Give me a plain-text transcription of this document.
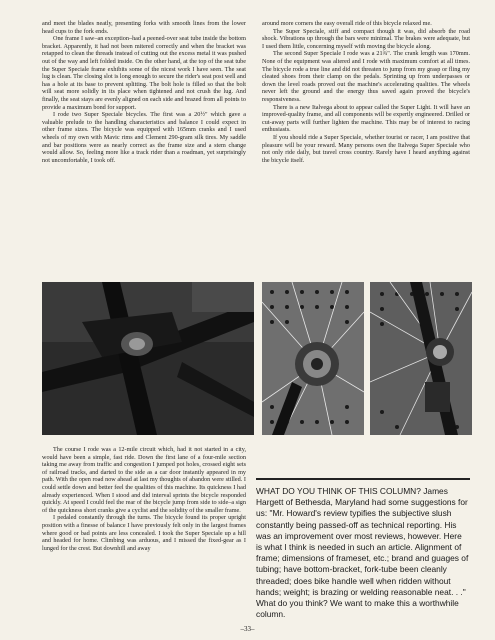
and meet the blades neatly, presenting forks with smooth lines from the lower head cups to the fork ends.

One frame I saw–an exception–had a peened-over seat tube inside the bottom bracket. Apparently, it had not been mitered correctly and when the bracket was retapped to clean the threads instead of cutting out the excess metal it was pushed out of the way and left folded inside. On the other hand, at the top of the seat tube the Super Speciale frame exhibits some of the nicest work I have seen. The seat lug is clean. The closing slot is long enough to secure the rider's seat post well and has a hole at its base to prevent splitting. The bolt hole is filled so that the bolt will seat more solidly in its place when tightened and not crush the lug. And finally, the seat stays are evenly aligned on each side and brazed from all points to provide a maximum bond for support.

I rode two Super Speciale bicycles. The first was a 20½" which gave a valuable prelude to the handling characteristics and balance I could expect in other frame sizes. The bicycle was equipped with 165mm cranks and I used wheels of my own with Mavic rims and Clement 290-gram silk tires. My saddle and bar positions were as nearly correct as the frame size and a stem change would allow. So, feeling more like a track rider than a roadman, yet surprisingly not uncomfortable, I took off.

around more corners the easy overall ride of this bicycle relaxed me.

The Super Speciale, stiff and compact though it was, did absorb the road shock. Vibrations up through the bars were minimal. The brakes were adequate, but I used them little, concerning myself with moving the bicycle along.

The second Super Speciale I rode was a 21¾". The crank length was 170mm. None of the equipment was altered and I rode with maximum comfort at all times. The bicycle rode a true line and did not threaten to jump from my grasp or fling my cleated shoes from their clamp on the pedals. Sprinting up from underpasses or down the level roads proved out the machine's accelerating qualities. The wheels never left the ground and the energy thus saved again proved the bicycle's responsiveness.

There is a new Italvega about to appear called the Super Light. It will have an improved-quality frame, and all components will be expertly engineered. Drilled or cut-away parts will further lighten the machine. This may be of interest to racing enthusiasts.

If you should ride a Super Speciale, whether tourist or racer, I am positive that pleasure will be your reward. Many persons own the Italvega Super Speciale who not only ride daily, but travel cross country. Rarely have I heard anything against the bicycle itself.

The course I rode was a 12-mile circuit which, had it not started in a city, would have been a simple, fast ride. Down the first lane of a four-mile section taking me away from traffic and congestion I jumped pot holes, crossed eight sets of railroad tracks, and darted to the side as a car door instantly appeared in my path. With the open road now ahead at last my thoughts of abandon were stilled. I could settle down and better feel the qualities of this machine. Its quickness I had already experienced. When I stood and did interval sprints the bicycle responded quickly. At speed I could feel the rear of the bicycle jump from side to side–a sign of the quickness short cranks give a cyclist and the solidity of the smaller frame.

I pedaled constantly through the turns. The bicycle found its proper upright position with a finesse of balance I have previously felt only in the largest frames where good or bad points are less concealed. I took the Super Speciale up a hill and headed for home. Climbing was arduous, and I missed the fixed-gear as I lunged for the crest. But downhill and away

WHAT DO YOU THINK OF THIS COLUMN? James Hargett of Bethesda, Maryland had some suggestions for us: "Mr. Howard's review typifies the subjective slush constantly being passed-off as technical reporting. His was an improvement over most reviews, however. Here is what I think is needed in such an article. Alignment of frame; dimensions of frameset, etc.; brand and guages of tubing; have bottom-bracket, fork-tube been cleanly threaded; does bike handle well when ridden without hands; weight; is brazing or welding reasonable neat. . ." What do you think? We want to make this a worthwhile column.
–33–
